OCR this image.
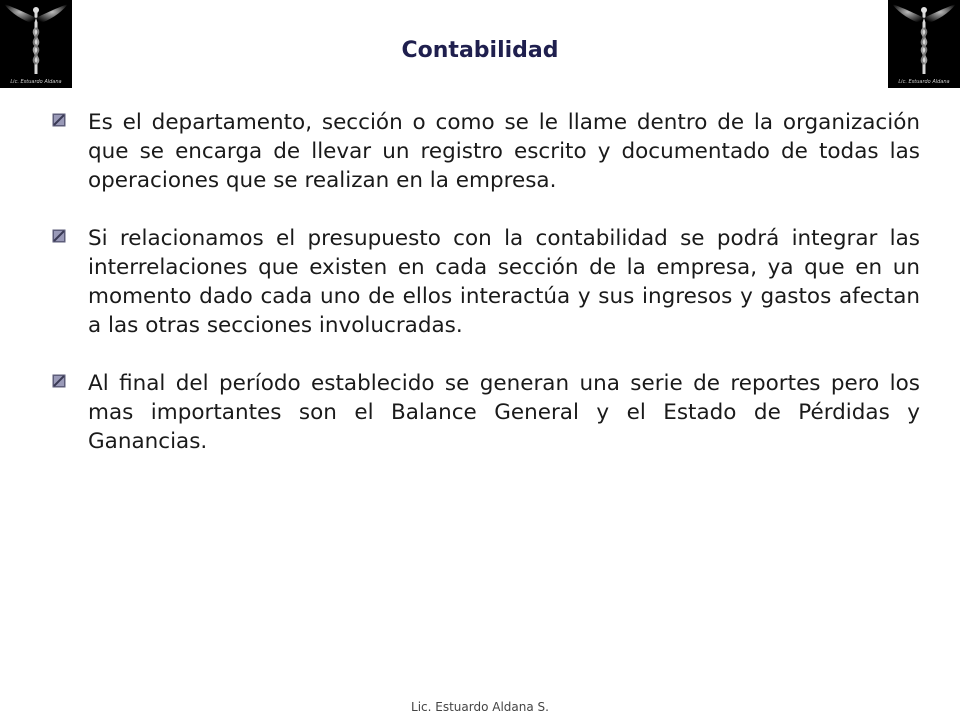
Lic. Estuardo Aldana	Lic. Estuardo Aldana
Contabilidad
Es el departamento, sección o como se le llame dentro de la organización que se encarga de llevar un registro escrito y documentado de todas las operaciones que se realizan en la empresa.
Si relacionamos el presupuesto con la contabilidad se podrá integrar las interrelaciones que existen en cada sección de la empresa, ya que en un momento dado cada uno de ellos interactúa y sus ingresos y gastos afectan a las otras secciones involucradas.
Al final del período establecido se generan una serie de reportes pero los mas importantes son el Balance General y el Estado de Pérdidas y Ganancias.
Lic. Estuardo Aldana S.
